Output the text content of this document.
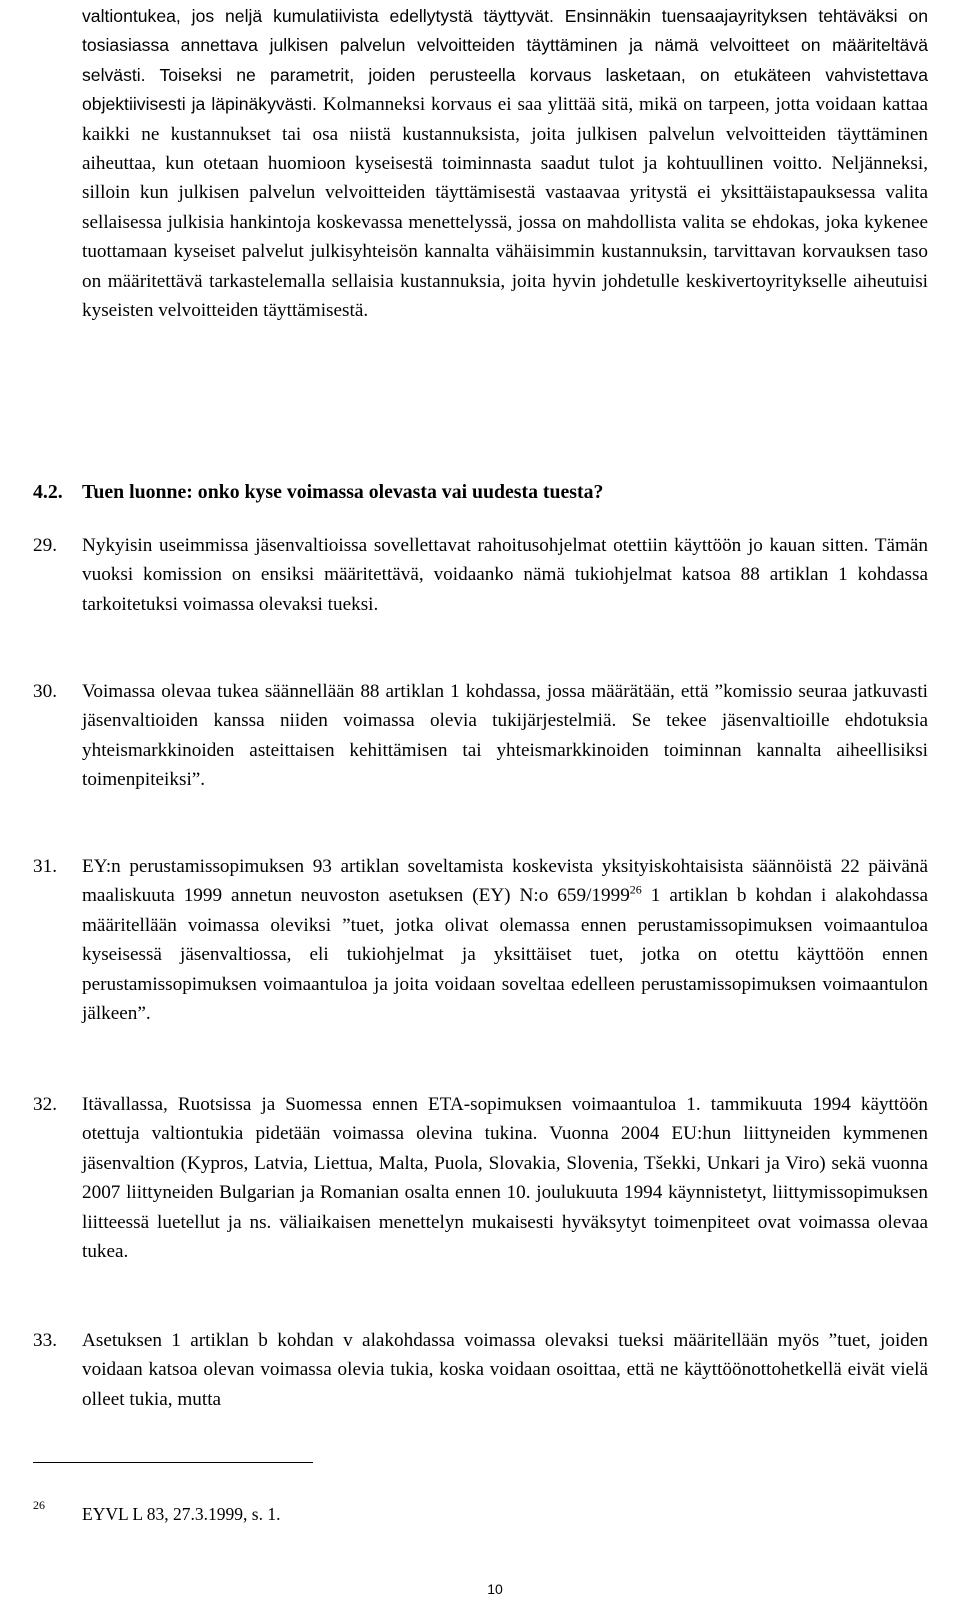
valtiontukea, jos neljä kumulatiivista edellytystä täyttyvät. Ensinnäkin tuensaajayrityksen tehtäväksi on tosiasiassa annettava julkisen palvelun velvoitteiden täyttäminen ja nämä velvoitteet on määriteltävä selvästi. Toiseksi ne parametrit, joiden perusteella korvaus lasketaan, on etukäteen vahvistettava objektiivisesti ja läpinäkyvästi. Kolmanneksi korvaus ei saa ylittää sitä, mikä on tarpeen, jotta voidaan kattaa kaikki ne kustannukset tai osa niistä kustannuksista, joita julkisen palvelun velvoitteiden täyttäminen aiheuttaa, kun otetaan huomioon kyseisestä toiminnasta saadut tulot ja kohtuullinen voitto. Neljänneksi, silloin kun julkisen palvelun velvoitteiden täyttämisestä vastaavaa yritystä ei yksittäistapauksessa valita sellaisessa julkisia hankintoja koskevassa menettelyssä, jossa on mahdollista valita se ehdokas, joka kykenee tuottamaan kyseiset palvelut julkisyhteisön kannalta vähäisimmin kustannuksin, tarvittavan korvauksen taso on määritettävä tarkastelemalla sellaisia kustannuksia, joita hyvin johdetulle keskivertoyritykselle aiheutuisi kyseisten velvoitteiden täyttämisestä.

4.2. Tuen luonne: onko kyse voimassa olevasta vai uudesta tuesta?
29. Nykyisin useimmissa jäsenvaltioissa sovellettavat rahoitusohjelmat otettiin käyttöön jo kauan sitten. Tämän vuoksi komission on ensiksi määritettävä, voidaanko nämä tukiohjelmat katsoa 88 artiklan 1 kohdassa tarkoitetuksi voimassa olevaksi tueksi.
30. Voimassa olevaa tukea säännellään 88 artiklan 1 kohdassa, jossa määrätään, että ”komissio seuraa jatkuvasti jäsenvaltioiden kanssa niiden voimassa olevia tukijärjestelmiä. Se tekee jäsenvaltioille ehdotuksia yhteismarkkinoiden asteittaisen kehittämisen tai yhteismarkkinoiden toiminnan kannalta aiheellisiksi toimenpiteiksi”.
31. EY:n perustamissopimuksen 93 artiklan soveltamista koskevista yksityiskohtaisista säännöistä 22 päivänä maaliskuuta 1999 annetun neuvoston asetuksen (EY) N:o 659/1999$^{26}$ 1 artiklan b kohdan i alakohdassa määritellään voimassa oleviksi ”tuet, jotka olivat olemassa ennen perustamissopimuksen voimaantuloa kyseisessä jäsenvaltiossa, eli tukiohjelmat ja yksittäiset tuet, jotka on otettu käyttöön ennen perustamissopimuksen voimaantuloa ja joita voidaan soveltaa edelleen perustamissopimuksen voimaantulon jälkeen”.
32. Itävallassa, Ruotsissa ja Suomessa ennen ETA-sopimuksen voimaantuloa 1. tammikuuta 1994 käyttöön otettuja valtiontukia pidetään voimassa olevina tukina. Vuonna 2004 EU:hun liittyneiden kymmenen jäsenvaltion (Kypros, Latvia, Liettua, Malta, Puola, Slovakia, Slovenia, Tšekki, Unkari ja Viro) sekä vuonna 2007 liittyneiden Bulgarian ja Romanian osalta ennen 10. joulukuuta 1994 käynnistetyt, liittymissopimuksen liitteessä luetellut ja ns. väliaikaisen menettelyn mukaisesti hyväksytyt toimenpiteet ovat voimassa olevaa tukea.
33. Asetuksen 1 artiklan b kohdan v alakohdassa voimassa olevaksi tueksi määritellään myös ”tuet, joiden voidaan katsoa olevan voimassa olevia tukia, koska voidaan osoittaa, että ne käyttöönottohetkellä eivät vielä olleet tukia, mutta
26 EYVL L 83, 27.3.1999, s. 1.
10
